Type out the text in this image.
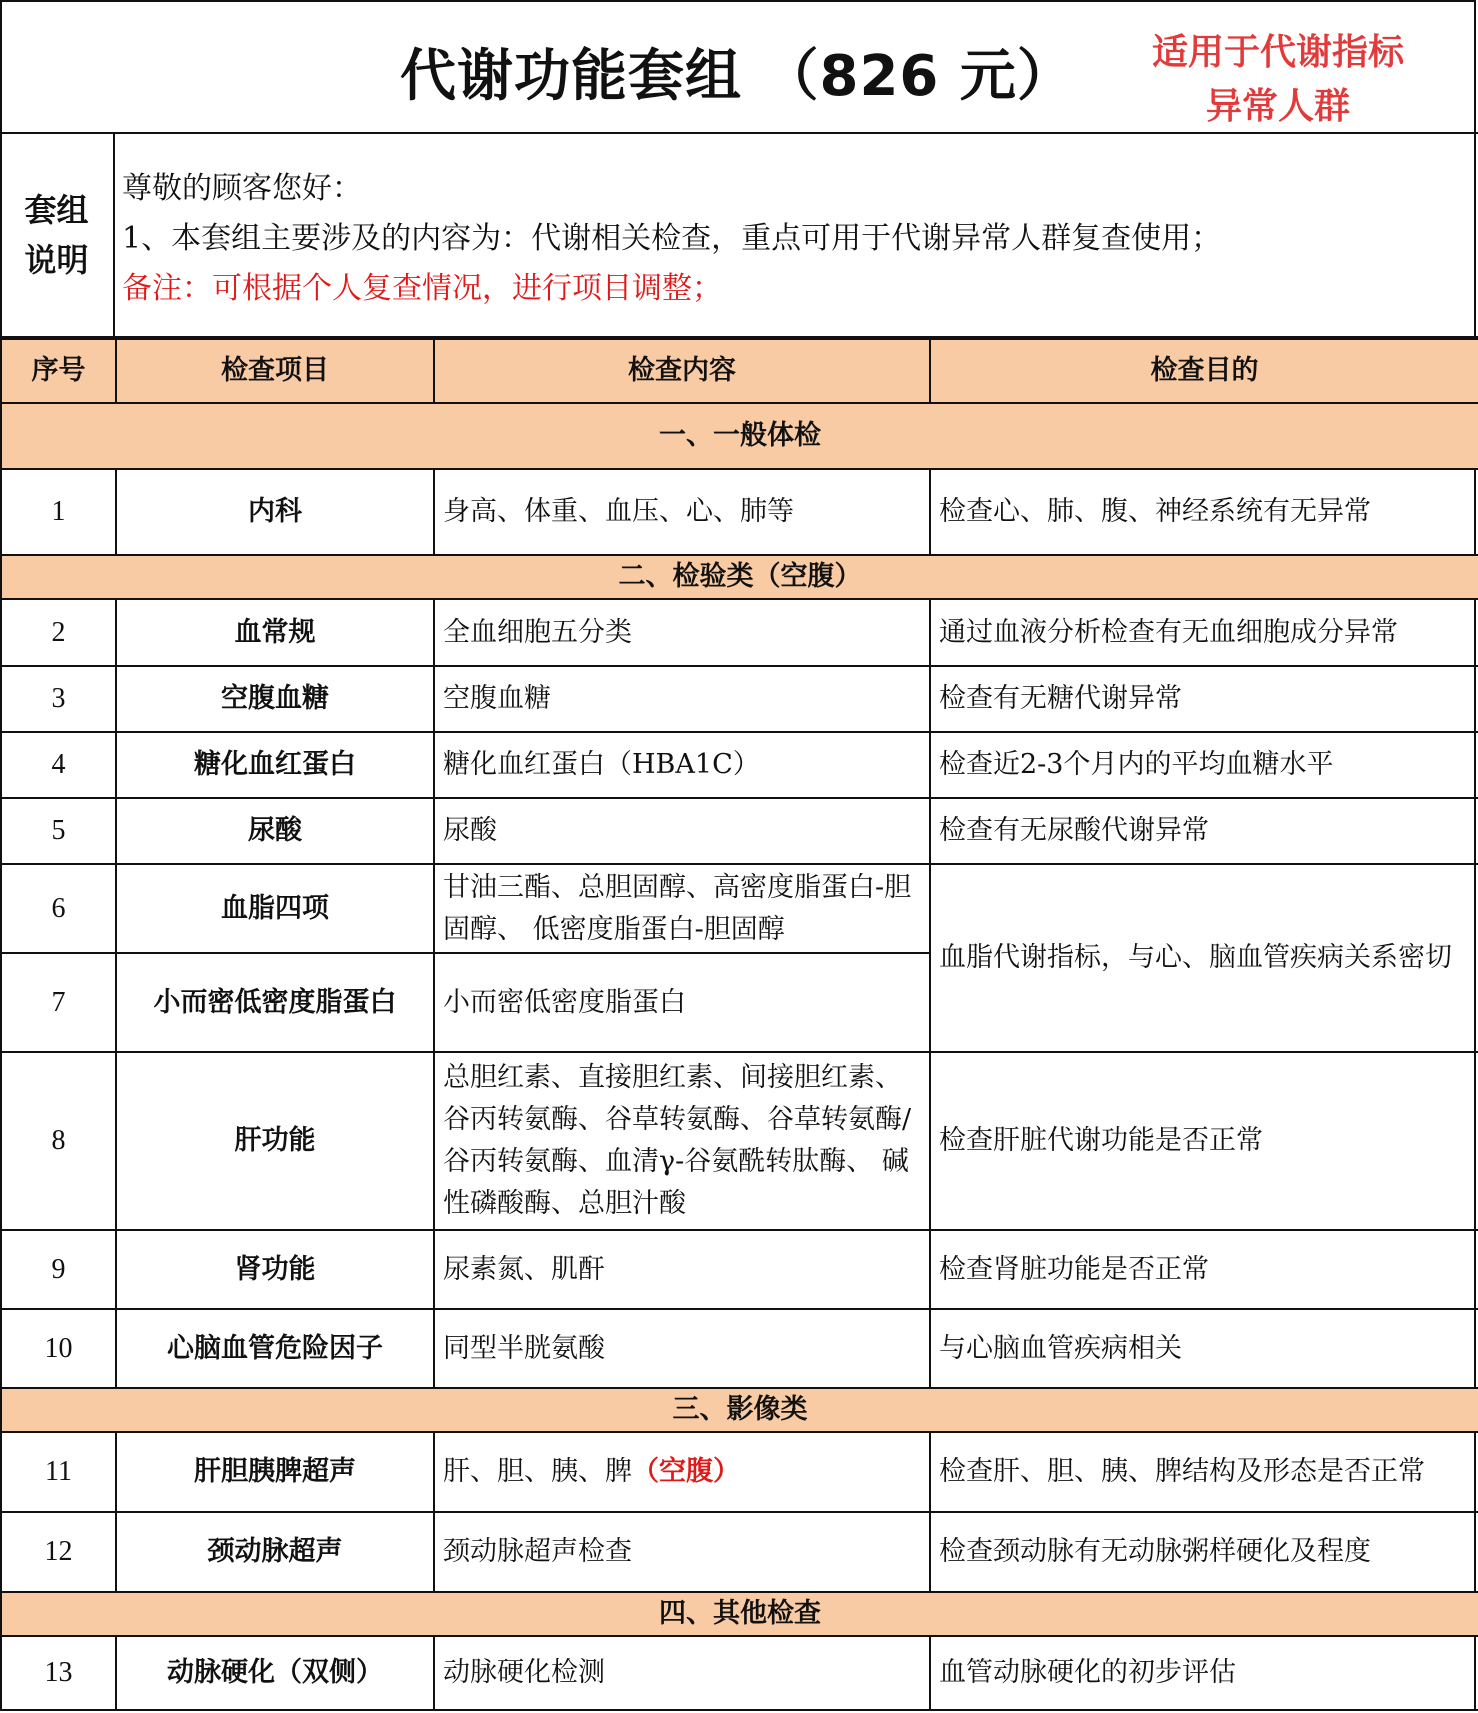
代谢功能套组 （826 元）	适用于代谢指标
异常人群
套组
说明
尊敬的顾客您好：
1、本套组主要涉及的内容为：代谢相关检查，重点可用于代谢异常人群复查使用；
备注：可根据个人复查情况，进行项目调整；
序号	检查项目	检查内容	检查目的
一、一般体检			
1	内科	身高、体重、血压、心、肺等	检查心、肺、腹、神经系统有无异常
二、检验类（空腹）			
2	血常规	全血细胞五分类	通过血液分析检查有无血细胞成分异常
3	空腹血糖	空腹血糖	检查有无糖代谢异常
4	糖化血红蛋白	糖化血红蛋白（HBA1C）	检查近2-3个月内的平均血糖水平
5	尿酸	尿酸	检查有无尿酸代谢异常
6	血脂四项	甘油三酯、总胆固醇、高密度脂蛋白-胆固醇、 低密度脂蛋白-胆固醇	血脂代谢指标，与心、脑血管疾病关系密切
7	小而密低密度脂蛋白	小而密低密度脂蛋白	
8	肝功能	总胆红素、直接胆红素、间接胆红素、谷丙转氨酶、谷草转氨酶、谷草转氨酶/谷丙转氨酶、血清γ-谷氨酰转肽酶、 碱性磷酸酶、总胆汁酸	检查肝脏代谢功能是否正常
9	肾功能	尿素氮、肌酐	检查肾脏功能是否正常
10	心脑血管危险因子	同型半胱氨酸	与心脑血管疾病相关
三、影像类			
11	肝胆胰脾超声	肝、胆、胰、脾（空腹）	检查肝、胆、胰、脾结构及形态是否正常
12	颈动脉超声	颈动脉超声检查	检查颈动脉有无动脉粥样硬化及程度
四、其他检查			
13	动脉硬化（双侧）	动脉硬化检测	血管动脉硬化的初步评估
